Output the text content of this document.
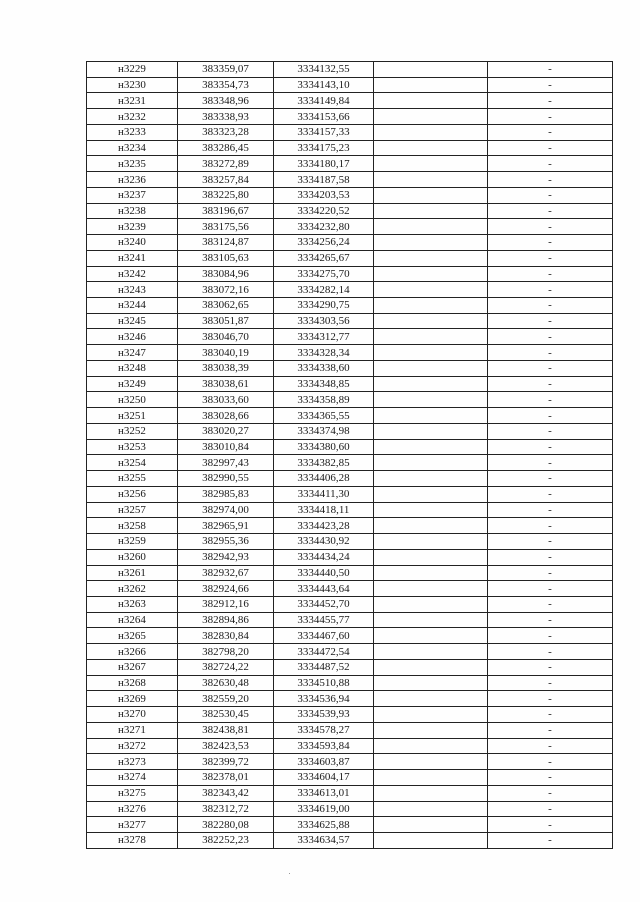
н3229	383359,07	3334132,55		-
н3230	383354,73	3334143,10		-
н3231	383348,96	3334149,84		-
н3232	383338,93	3334153,66		-
н3233	383323,28	3334157,33		-
н3234	383286,45	3334175,23		-
н3235	383272,89	3334180,17		-
н3236	383257,84	3334187,58		-
н3237	383225,80	3334203,53		-
н3238	383196,67	3334220,52		-
н3239	383175,56	3334232,80		-
н3240	383124,87	3334256,24		-
н3241	383105,63	3334265,67		-
н3242	383084,96	3334275,70		-
н3243	383072,16	3334282,14		-
н3244	383062,65	3334290,75		-
н3245	383051,87	3334303,56		-
н3246	383046,70	3334312,77		-
н3247	383040,19	3334328,34		-
н3248	383038,39	3334338,60		-
н3249	383038,61	3334348,85		-
н3250	383033,60	3334358,89		-
н3251	383028,66	3334365,55		-
н3252	383020,27	3334374,98		-
н3253	383010,84	3334380,60		-
н3254	382997,43	3334382,85		-
н3255	382990,55	3334406,28		-
н3256	382985,83	3334411,30		-
н3257	382974,00	3334418,11		-
н3258	382965,91	3334423,28		-
н3259	382955,36	3334430,92		-
н3260	382942,93	3334434,24		-
н3261	382932,67	3334440,50		-
н3262	382924,66	3334443,64		-
н3263	382912,16	3334452,70		-
н3264	382894,86	3334455,77		-
н3265	382830,84	3334467,60		-
н3266	382798,20	3334472,54		-
н3267	382724,22	3334487,52		-
н3268	382630,48	3334510,88		-
н3269	382559,20	3334536,94		-
н3270	382530,45	3334539,93		-
н3271	382438,81	3334578,27		-
н3272	382423,53	3334593,84		-
н3273	382399,72	3334603,87		-
н3274	382378,01	3334604,17		-
н3275	382343,42	3334613,01		-
н3276	382312,72	3334619,00		-
н3277	382280,08	3334625,88		-
н3278	382252,23	3334634,57		-
